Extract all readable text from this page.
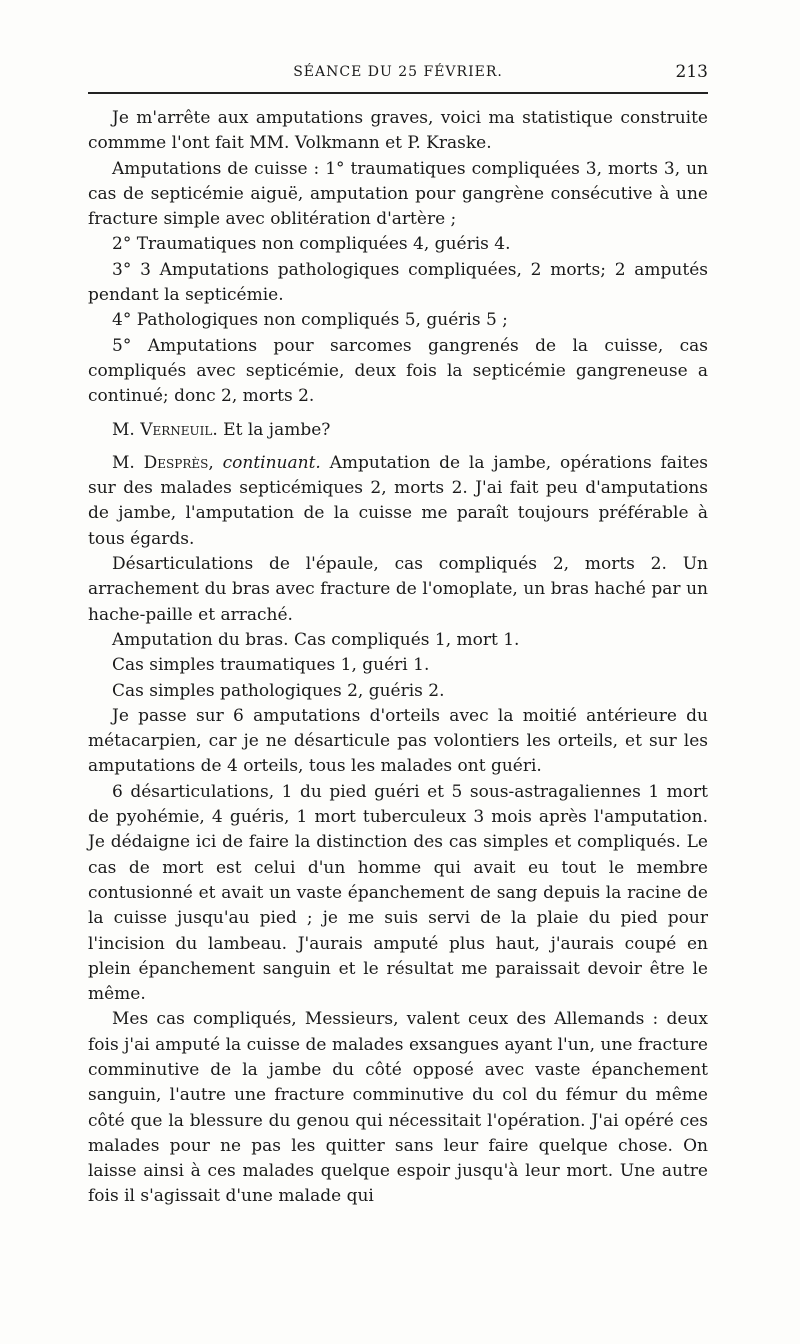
SÉANCE DU 25 FÉVRIER.	213

Je m'arrête aux amputations graves, voici ma statistique construite commme l'ont fait MM. Volkmann et P. Kraske.

Amputations de cuisse : 1° traumatiques compliquées 3, morts 3, un cas de septicémie aiguë, amputation pour gangrène consécutive à une fracture simple avec oblitération d'artère ;

2° Traumatiques non compliquées 4, guéris 4.

3° 3 Amputations pathologiques compliquées, 2 morts; 2 amputés pendant la septicémie.

4° Pathologiques non compliqués 5, guéris 5 ;

5° Amputations pour sarcomes gangrenés de la cuisse, cas compliqués avec septicémie, deux fois la septicémie gangreneuse a continué; donc 2, morts 2.

M. Verneuil. Et la jambe?

M. Desprès, continuant. Amputation de la jambe, opérations faites sur des malades septicémiques 2, morts 2. J'ai fait peu d'amputations de jambe, l'amputation de la cuisse me paraît toujours préférable à tous égards.

Désarticulations de l'épaule, cas compliqués 2, morts 2. Un arrachement du bras avec fracture de l'omoplate, un bras haché par un hache-paille et arraché.

Amputation du bras. Cas compliqués 1, mort 1.

Cas simples traumatiques 1, guéri 1.

Cas simples pathologiques 2, guéris 2.

Je passe sur 6 amputations d'orteils avec la moitié antérieure du métacarpien, car je ne désarticule pas volontiers les orteils, et sur les amputations de 4 orteils, tous les malades ont guéri.

6 désarticulations, 1 du pied guéri et 5 sous-astragaliennes 1 mort de pyohémie, 4 guéris, 1 mort tuberculeux 3 mois après l'amputation. Je dédaigne ici de faire la distinction des cas simples et compliqués. Le cas de mort est celui d'un homme qui avait eu tout le membre contusionné et avait un vaste épanchement de sang depuis la racine de la cuisse jusqu'au pied ; je me suis servi de la plaie du pied pour l'incision du lambeau. J'aurais amputé plus haut, j'aurais coupé en plein épanchement sanguin et le résultat me paraissait devoir être le même.

Mes cas compliqués, Messieurs, valent ceux des Allemands : deux fois j'ai amputé la cuisse de malades exsangues ayant l'un, une fracture comminutive de la jambe du côté opposé avec vaste épanchement sanguin, l'autre une fracture comminutive du col du fémur du même côté que la blessure du genou qui nécessitait l'opération. J'ai opéré ces malades pour ne pas les quitter sans leur faire quelque chose. On laisse ainsi à ces malades quelque espoir jusqu'à leur mort. Une autre fois il s'agissait d'une malade qui
